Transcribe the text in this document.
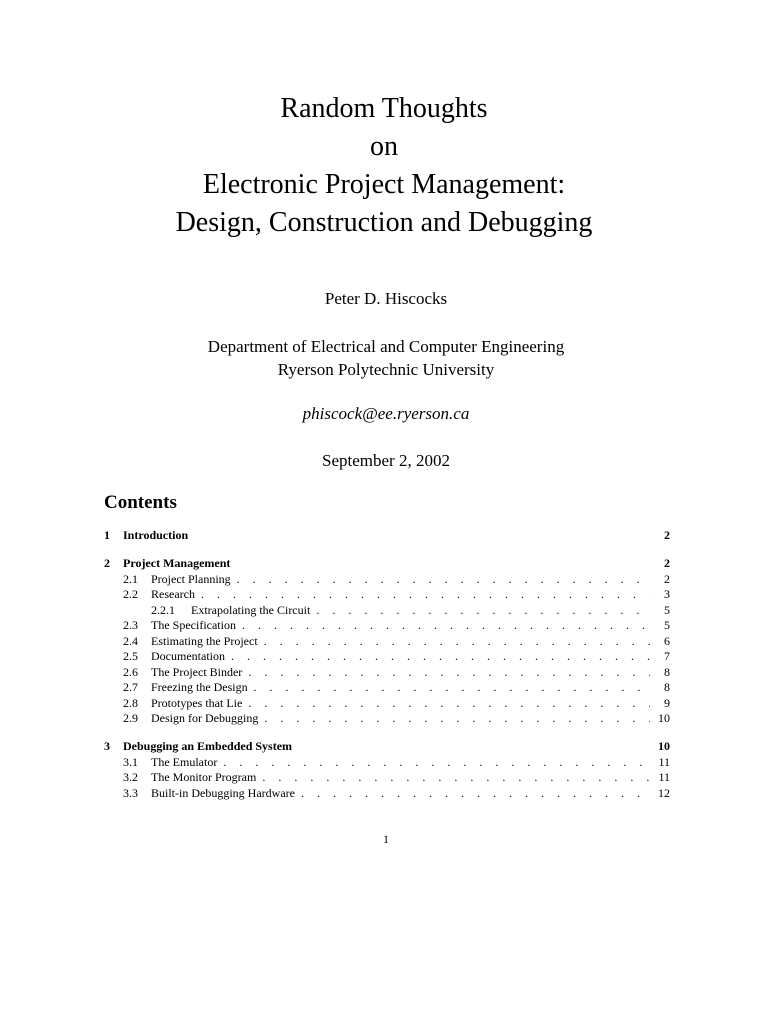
Random Thoughts
on
Electronic Project Management:
Design, Construction and Debugging
Peter D. Hiscocks
Department of Electrical and Computer Engineering
Ryerson Polytechnic University
phiscock@ee.ryerson.ca
September 2, 2002
Contents
1	Introduction	2
2	Project Management	2
2.1	Project Planning . . .	2
2.2	Research . . .	3
2.2.1	Extrapolating the Circuit . . .	5
2.3	The Specification . . .	5
2.4	Estimating the Project . . .	6
2.5	Documentation . . .	7
2.6	The Project Binder . . .	8
2.7	Freezing the Design . . .	8
2.8	Prototypes that Lie . . .	9
2.9	Design for Debugging . . .	10
3	Debugging an Embedded System	10
3.1	The Emulator . . .	11
3.2	The Monitor Program . . .	11
3.3	Built-in Debugging Hardware . . .	12
1
